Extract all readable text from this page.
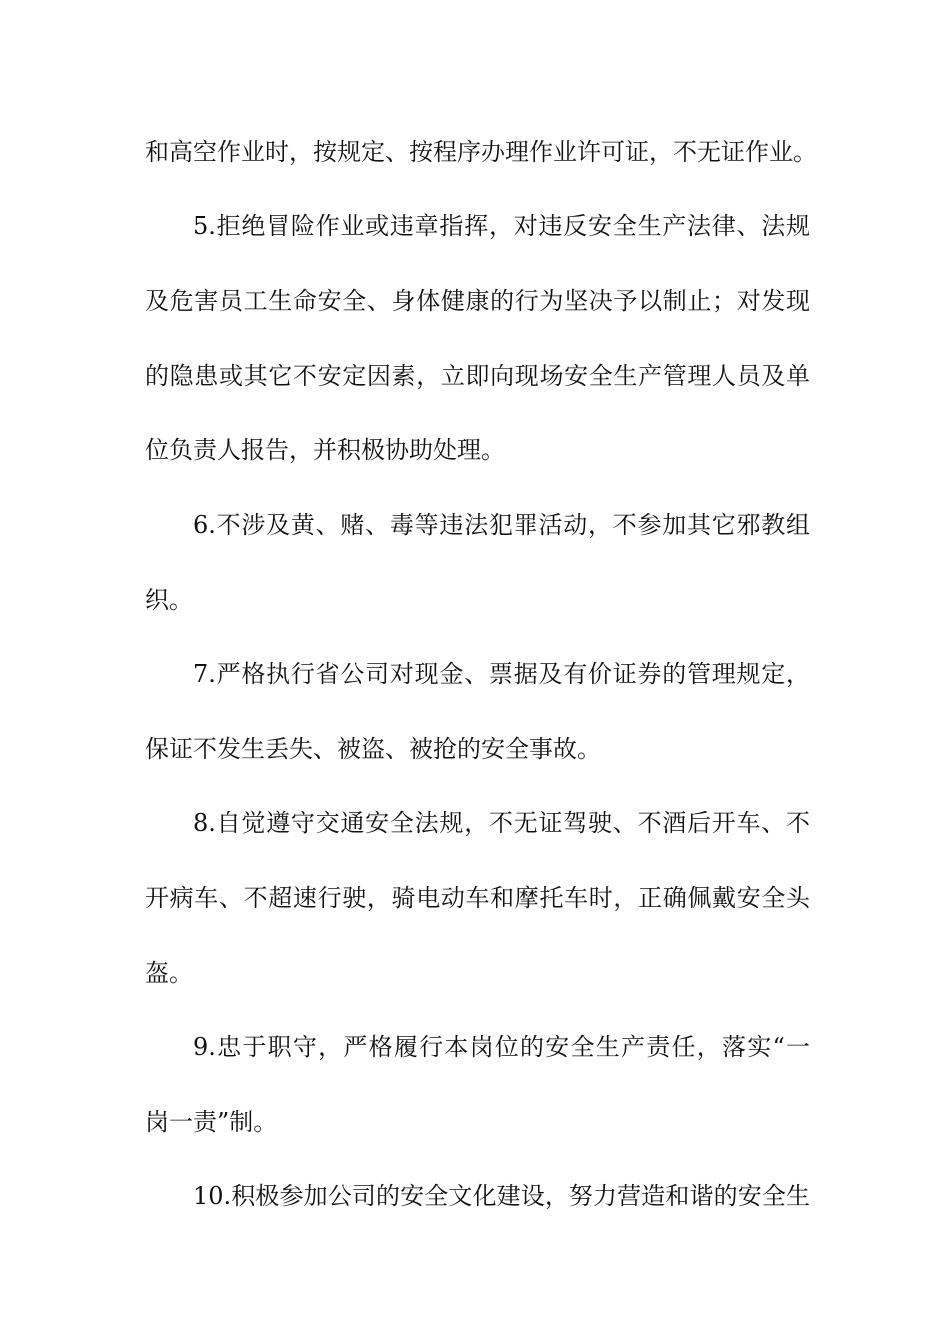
和高空作业时，按规定、按程序办理作业许可证，不无证作业。
5.拒绝冒险作业或违章指挥，对违反安全生产法律、法规
及危害员工生命安全、身体健康的行为坚决予以制止；对发现
的隐患或其它不安定因素，立即向现场安全生产管理人员及单
位负责人报告，并积极协助处理。
6.不涉及黄、赌、毒等违法犯罪活动，不参加其它邪教组
织。
7.严格执行省公司对现金、票据及有价证券的管理规定，
保证不发生丢失、被盗、被抢的安全事故。
8.自觉遵守交通安全法规，不无证驾驶、不酒后开车、不
开病车、不超速行驶，骑电动车和摩托车时，正确佩戴安全头
盔。
9.忠于职守，严格履行本岗位的安全生产责任，落实“一
岗一责”制。
10.积极参加公司的安全文化建设，努力营造和谐的安全生
